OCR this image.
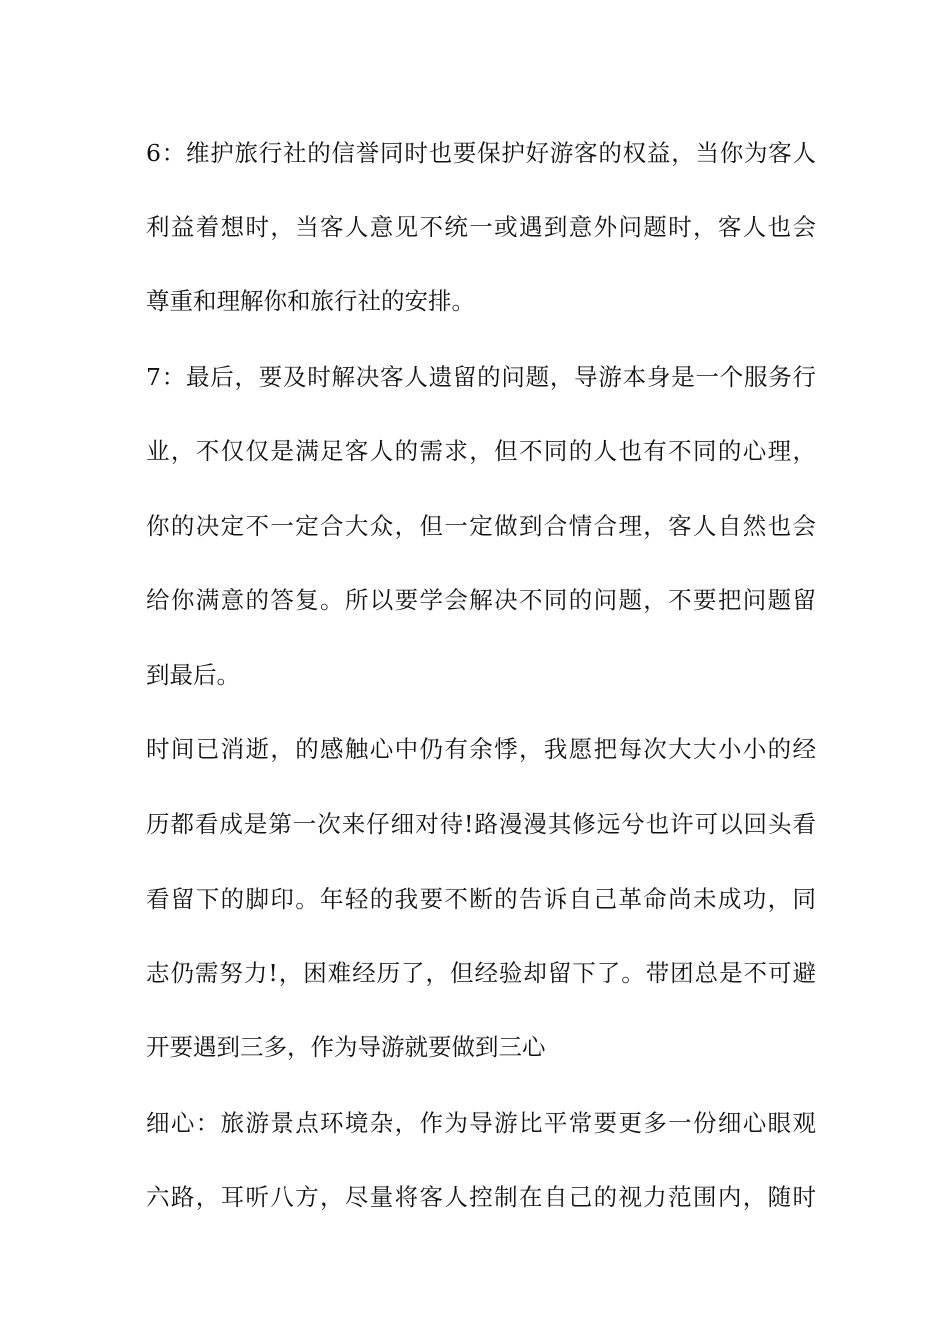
6：维护旅行社的信誉同时也要保护好游客的权益，当你为客人
利益着想时，当客人意见不统一或遇到意外问题时，客人也会
尊重和理解你和旅行社的安排。
7：最后，要及时解决客人遗留的问题，导游本身是一个服务行
业，不仅仅是满足客人的需求，但不同的人也有不同的心理，
你的决定不一定合大众，但一定做到合情合理，客人自然也会
给你满意的答复。所以要学会解决不同的问题，不要把问题留
到最后。
时间已消逝，的感触心中仍有余悸，我愿把每次大大小小的经
历都看成是第一次来仔细对待!路漫漫其修远兮也许可以回头看
看留下的脚印。年轻的我要不断的告诉自己革命尚未成功，同
志仍需努力!，困难经历了，但经验却留下了。带团总是不可避
开要遇到三多，作为导游就要做到三心
细心：旅游景点环境杂，作为导游比平常要更多一份细心眼观
六路，耳听八方，尽量将客人控制在自己的视力范围内，随时
